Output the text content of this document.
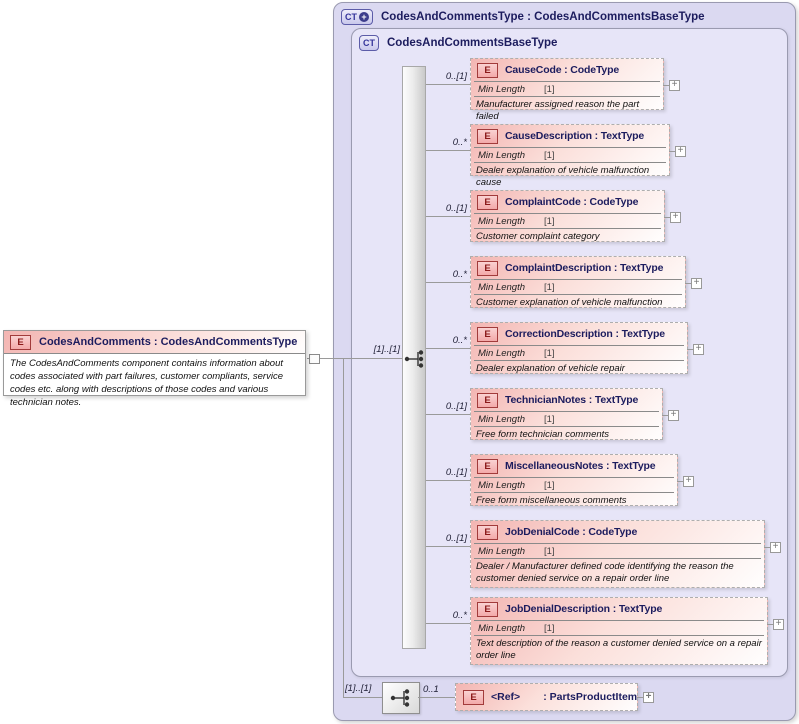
CT + CodesAndCommentsType : CodesAndCommentsBaseType
CT CodesAndCommentsBaseType
[1]..[1]
0..[1]
E	CauseCode : CodeType
Min Length	[1]
Manufacturer assigned reason the part failed
+
0..*
E	CauseDescription : TextType
Min Length	[1]
Dealer explanation of vehicle malfunction cause
+
0..[1]
E	ComplaintCode : CodeType
Min Length	[1]
Customer complaint category
+
0..*
E	ComplaintDescription : TextType
Min Length	[1]
Customer explanation of vehicle malfunction
+
0..*
E	CorrectionDescription : TextType
Min Length	[1]
Dealer explanation of vehicle repair
+
0..[1]
E	TechnicianNotes : TextType
Min Length	[1]
Free form technician comments
+
0..[1]
E	MiscellaneousNotes : TextType
Min Length	[1]
Free form miscellaneous comments
+
0..[1]
E	JobDenialCode : CodeType
Min Length	[1]
Dealer / Manufacturer defined code identifying the reason the customer denied service on a repair order line
+
0..*
E	JobDenialDescription : TextType
Min Length	[1]
Text description of the reason a customer denied service on a repair order line
+
E	CodesAndComments : CodesAndCommentsType
The CodesAndComments component contains information about codes associated with part failures, customer compliants, service codes etc. along with descriptions of those codes and various technician notes.
[1]..[1]	0..1
E	<Ref> : PartsProductItem +
